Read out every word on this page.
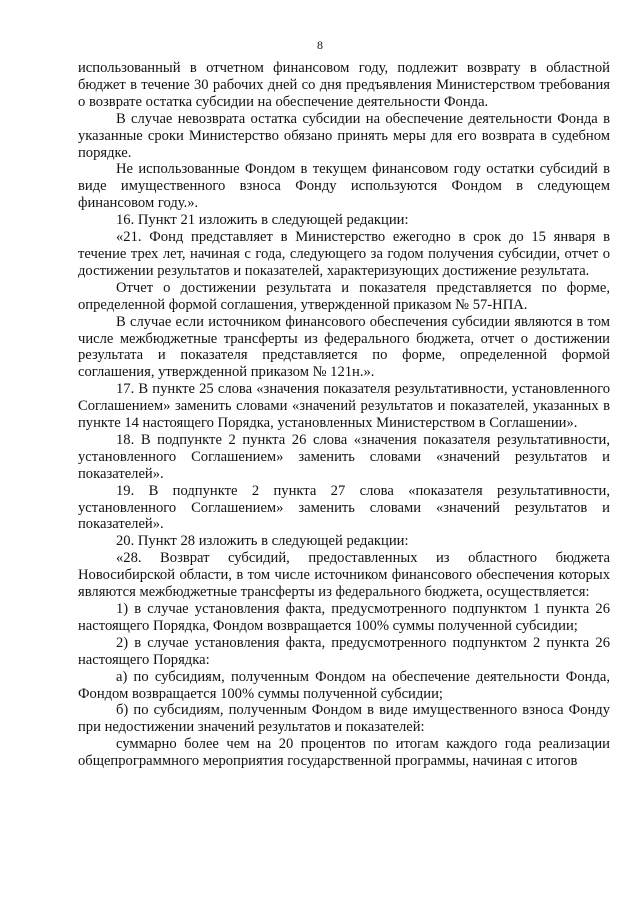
8

использованный в отчетном финансовом году, подлежит возврату в областной бюджет в течение 30 рабочих дней со дня предъявления Министерством требования о возврате остатка субсидии на обеспечение деятельности Фонда.

В случае невозврата остатка субсидии на обеспечение деятельности Фонда в указанные сроки Министерство обязано принять меры для его возврата в судебном порядке.

Не использованные Фондом в текущем финансовом году остатки субсидий в виде имущественного взноса Фонду используются Фондом в следующем финансовом году.».

16. Пункт 21 изложить в следующей редакции:

«21. Фонд представляет в Министерство ежегодно в срок до 15 января в течение трех лет, начиная с года, следующего за годом получения субсидии, отчет о достижении результатов и показателей, характеризующих достижение результата.

Отчет о достижении результата и показателя представляется по форме, определенной формой соглашения, утвержденной приказом № 57-НПА.

В случае если источником финансового обеспечения субсидии являются в том числе межбюджетные трансферты из федерального бюджета, отчет о достижении результата и показателя представляется по форме, определенной формой соглашения, утвержденной приказом № 121н.».

17. В пункте 25 слова «значения показателя результативности, установленного Соглашением» заменить словами «значений результатов и показателей, указанных в пункте 14 настоящего Порядка, установленных Министерством в Соглашении».

18. В подпункте 2 пункта 26 слова «значения показателя результативности, установленного Соглашением» заменить словами «значений результатов и показателей».

19. В подпункте 2 пункта 27 слова «показателя результативности, установленного Соглашением» заменить словами «значений результатов и показателей».

20. Пункт 28 изложить в следующей редакции:

«28. Возврат субсидий, предоставленных из областного бюджета Новосибирской области, в том числе источником финансового обеспечения которых являются межбюджетные трансферты из федерального бюджета, осуществляется:

1) в случае установления факта, предусмотренного подпунктом 1 пункта 26 настоящего Порядка, Фондом возвращается 100% суммы полученной субсидии;

2) в случае установления факта, предусмотренного подпунктом 2 пункта 26 настоящего Порядка:

а) по субсидиям, полученным Фондом на обеспечение деятельности Фонда, Фондом возвращается 100% суммы полученной субсидии;

б) по субсидиям, полученным Фондом в виде имущественного взноса Фонду при недостижении значений результатов и показателей:

суммарно более чем на 20 процентов по итогам каждого года реализации общепрограммного мероприятия государственной программы, начиная с итогов
